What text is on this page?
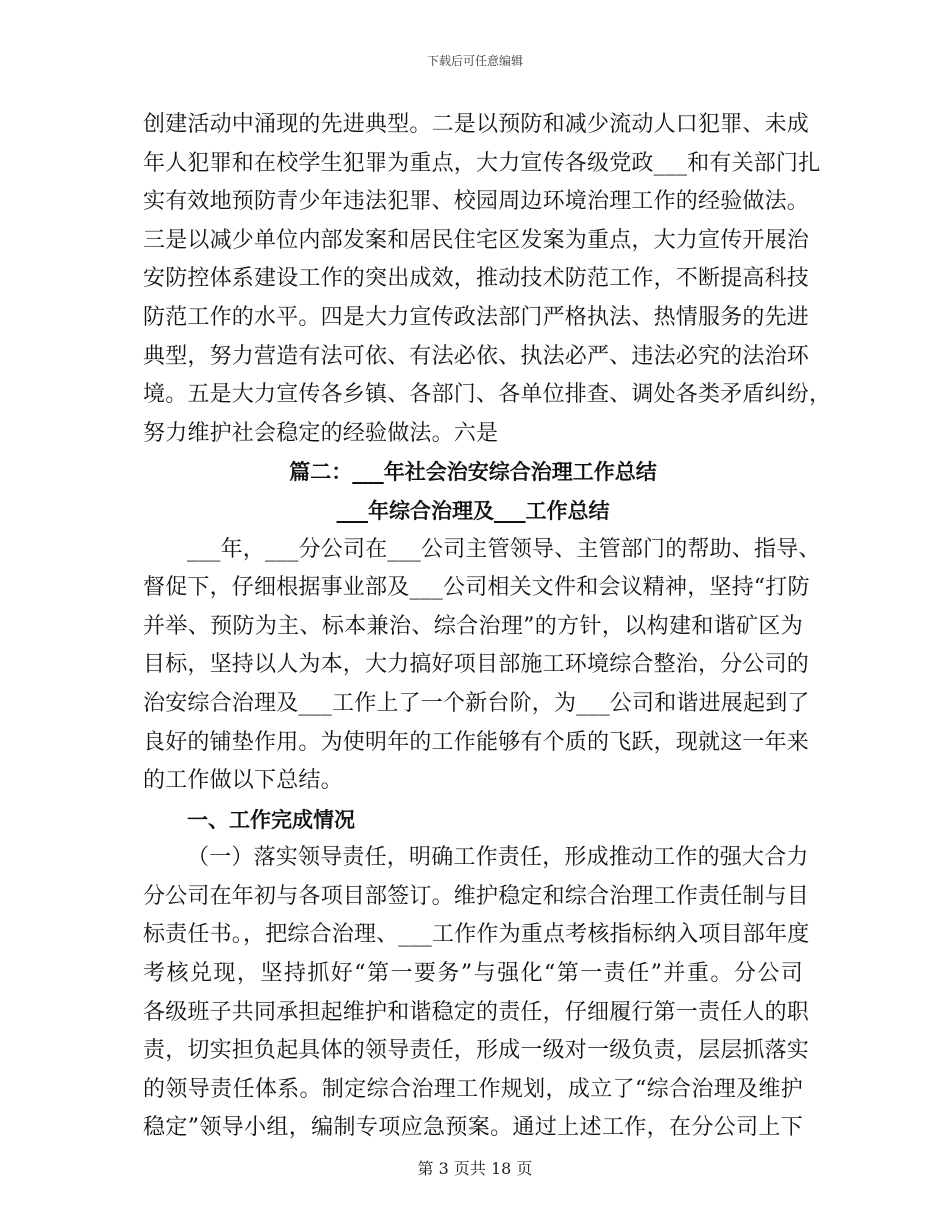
下载后可任意编辑
创建活动中涌现的先进典型。二是以预防和减少流动人口犯罪、未成
年人犯罪和在校学生犯罪为重点，大力宣传各级党政___和有关部门扎
实有效地预防青少年违法犯罪、校园周边环境治理工作的经验做法。
三是以减少单位内部发案和居民住宅区发案为重点，大力宣传开展治
安防控体系建设工作的突出成效，推动技术防范工作，不断提高科技
防范工作的水平。四是大力宣传政法部门严格执法、热情服务的先进
典型，努力营造有法可依、有法必依、执法必严、违法必究的法治环
境。五是大力宣传各乡镇、各部门、各单位排查、调处各类矛盾纠纷，
努力维护社会稳定的经验做法。六是
篇二：___年社会治安综合治理工作总结
___年综合治理及___工作总结
___年，___分公司在___公司主管领导、主管部门的帮助、指导、
督促下，仔细根据事业部及___公司相关文件和会议精神，坚持“打防
并举、预防为主、标本兼治、综合治理”的方针，以构建和谐矿区为
目标，坚持以人为本，大力搞好项目部施工环境综合整治，分公司的
治安综合治理及___工作上了一个新台阶，为___公司和谐进展起到了
良好的铺垫作用。为使明年的工作能够有个质的飞跃，现就这一年来
的工作做以下总结。
一、工作完成情况
（一）落实领导责任，明确工作责任，形成推动工作的强大合力
分公司在年初与各项目部签订。维护稳定和综合治理工作责任制与目
标责任书。，把综合治理、___工作作为重点考核指标纳入项目部年度
考核兑现，坚持抓好“第一要务”与强化“第一责任”并重。分公司
各级班子共同承担起维护和谐稳定的责任，仔细履行第一责任人的职
责，切实担负起具体的领导责任，形成一级对一级负责，层层抓落实
的领导责任体系。制定综合治理工作规划，成立了“综合治理及维护
稳定”领导小组，编制专项应急预案。通过上述工作，在分公司上下
第 3 页共 18 页
